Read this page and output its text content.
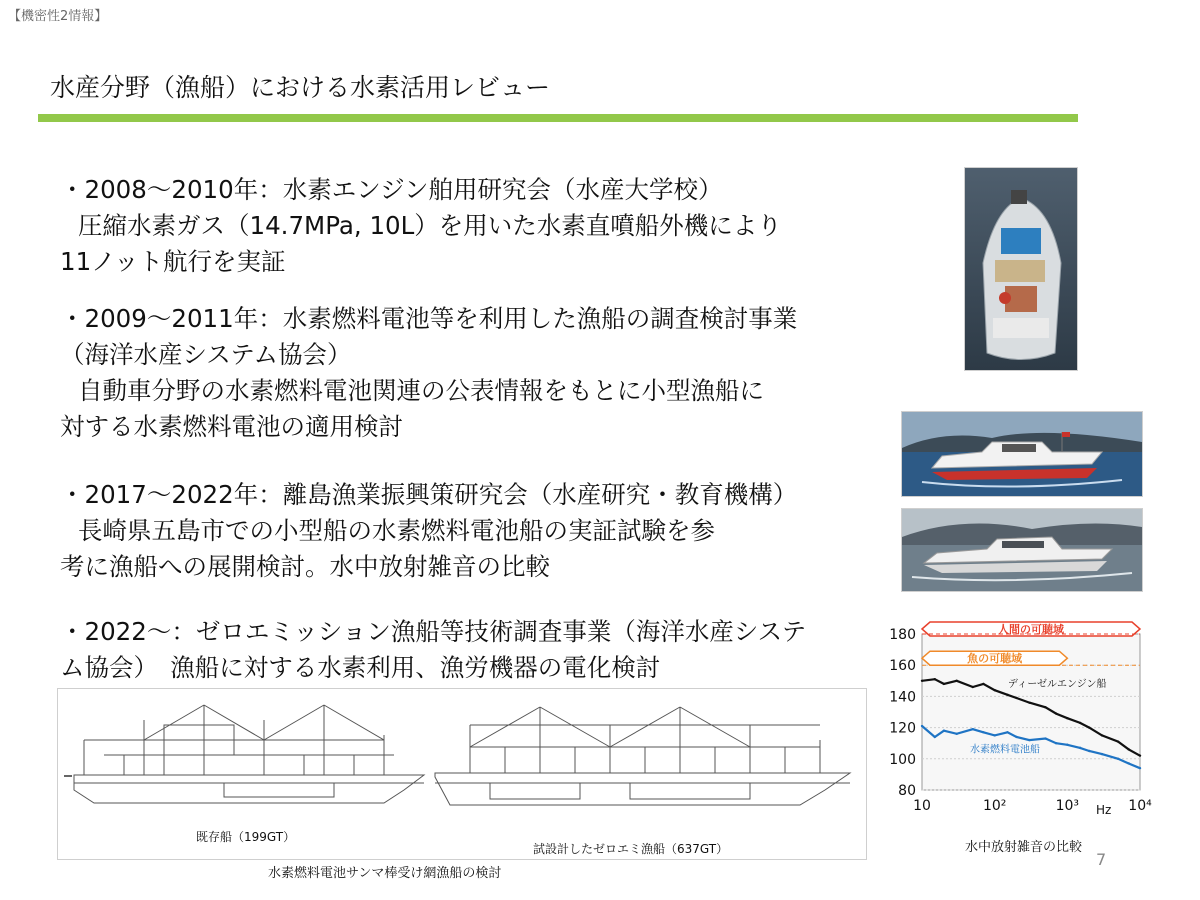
【機密性2情報】
水産分野（漁船）における水素活用レビュー
・2008～2010年：水素エンジン舶用研究会（水産大学校）
圧縮水素ガス（14.7MPa, 10L）を用いた水素直噴船外機により
11ノット航行を実証
・2009～2011年：水素燃料電池等を利用した漁船の調査検討事業
（海洋水産システム協会）
自動車分野の水素燃料電池関連の公表情報をもとに小型漁船に
対する水素燃料電池の適用検討
・2017～2022年：離島漁業振興策研究会（水産研究・教育機構）
長崎県五島市での小型船の水素燃料電池船の実証試験を参
考に漁船への展開検討。水中放射雑音の比較
・2022～：ゼロエミッション漁船等技術調査事業（海洋水産システ
ム協会）　漁船に対する水素利用、漁労機器の電化検討
既存船（199GT）
試設計したゼロエミ漁船（637GT）
水素燃料電池サンマ棒受け網漁船の検討
人間の可聴域
魚の可聴域
80
100
120
140
160
180
10	10²	10³	10⁴
ディーゼルエンジン船
水素燃料電池船
Hz
水中放射雑音の比較
7
